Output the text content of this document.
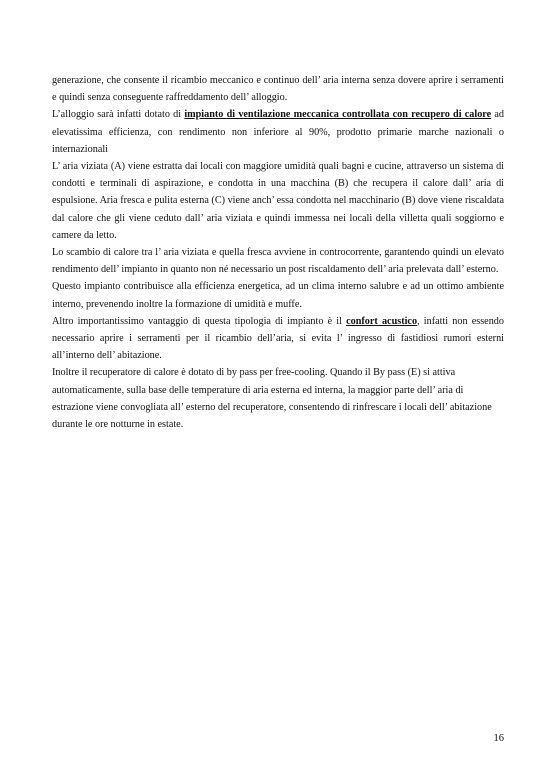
generazione, che consente il ricambio meccanico e continuo dell’ aria interna senza dovere aprire i serramenti e quindi senza conseguente raffreddamento dell’ alloggio.

L’alloggio sarà infatti dotato di impianto di ventilazione meccanica controllata con recupero di calore ad elevatissima efficienza, con rendimento non inferiore al 90%, prodotto primarie marche nazionali o internazionali

L’ aria viziata (A) viene estratta dai locali con maggiore umidità quali bagni e cucine, attraverso un sistema di condotti e terminali di aspirazione, e condotta in una macchina (B) che recupera il calore dall’ aria di espulsione. Aria fresca e pulita esterna (C) viene anch’ essa condotta nel macchinario (B) dove viene riscaldata dal calore che gli viene ceduto dall’ aria viziata e quindi immessa nei locali della villetta quali soggiorno e camere da letto.

Lo scambio di calore tra l’ aria viziata e quella fresca avviene in controcorrente, garantendo quindi un elevato rendimento dell’ impianto in quanto non né necessario un post riscaldamento dell’ aria prelevata dall’ esterno.

Questo impianto contribuisce alla efficienza energetica, ad un clima interno salubre e ad un ottimo ambiente interno, prevenendo inoltre la formazione di umidità e muffe.

Altro importantissimo vantaggio di questa tipologia di impianto è il confort acustico, infatti non essendo necessario aprire i serramenti per il ricambio dell’aria, si evita l’ ingresso di fastidiosi rumori esterni all’interno dell’ abitazione.

Inoltre il recuperatore di calore è dotato di by pass per free-cooling. Quando il By pass (E) si attiva automaticamente, sulla base delle temperature di aria esterna ed interna, la maggior parte dell’ aria di estrazione viene convogliata all’ esterno del recuperatore, consentendo di rinfrescare i locali dell’ abitazione durante le ore notturne in estate.

16
